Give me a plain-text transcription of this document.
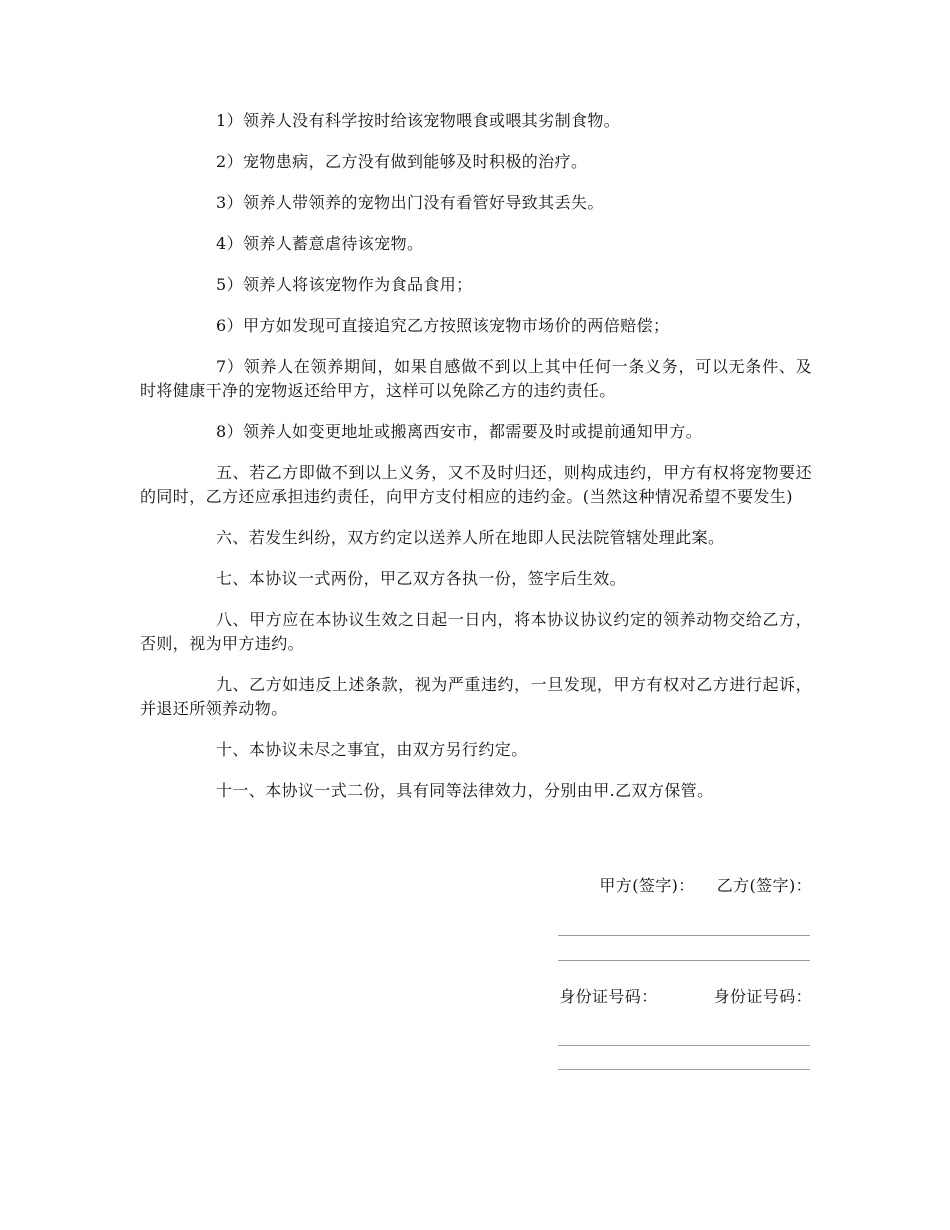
1）领养人没有科学按时给该宠物喂食或喂其劣制食物。

2）宠物患病，乙方没有做到能够及时积极的治疗。

3）领养人带领养的宠物出门没有看管好导致其丢失。

4）领养人蓄意虐待该宠物。

5）领养人将该宠物作为食品食用；

6）甲方如发现可直接追究乙方按照该宠物市场价的两倍赔偿；

7）领养人在领养期间，如果自感做不到以上其中任何一条义务，可以无条件、及时将健康干净的宠物返还给甲方，这样可以免除乙方的违约责任。

8）领养人如变更地址或搬离西安市，都需要及时或提前通知甲方。

五、若乙方即做不到以上义务，又不及时归还，则构成违约，甲方有权将宠物要还的同时，乙方还应承担违约责任，向甲方支付相应的违约金。(当然这种情况希望不要发生)

六、若发生纠纷，双方约定以送养人所在地即人民法院管辖处理此案。

七、本协议一式两份，甲乙双方各执一份，签字后生效。

八、甲方应在本协议生效之日起一日内，将本协议协议约定的领养动物交给乙方，否则，视为甲方违约。

九、乙方如违反上述条款，视为严重违约，一旦发现，甲方有权对乙方进行起诉，并退还所领养动物。

十、本协议未尽之事宜，由双方另行约定。

十一、本协议一式二份，具有同等法律效力，分别由甲.乙双方保管。

甲方(签字)： 乙方(签字)：
身份证号码：	身份证号码：
